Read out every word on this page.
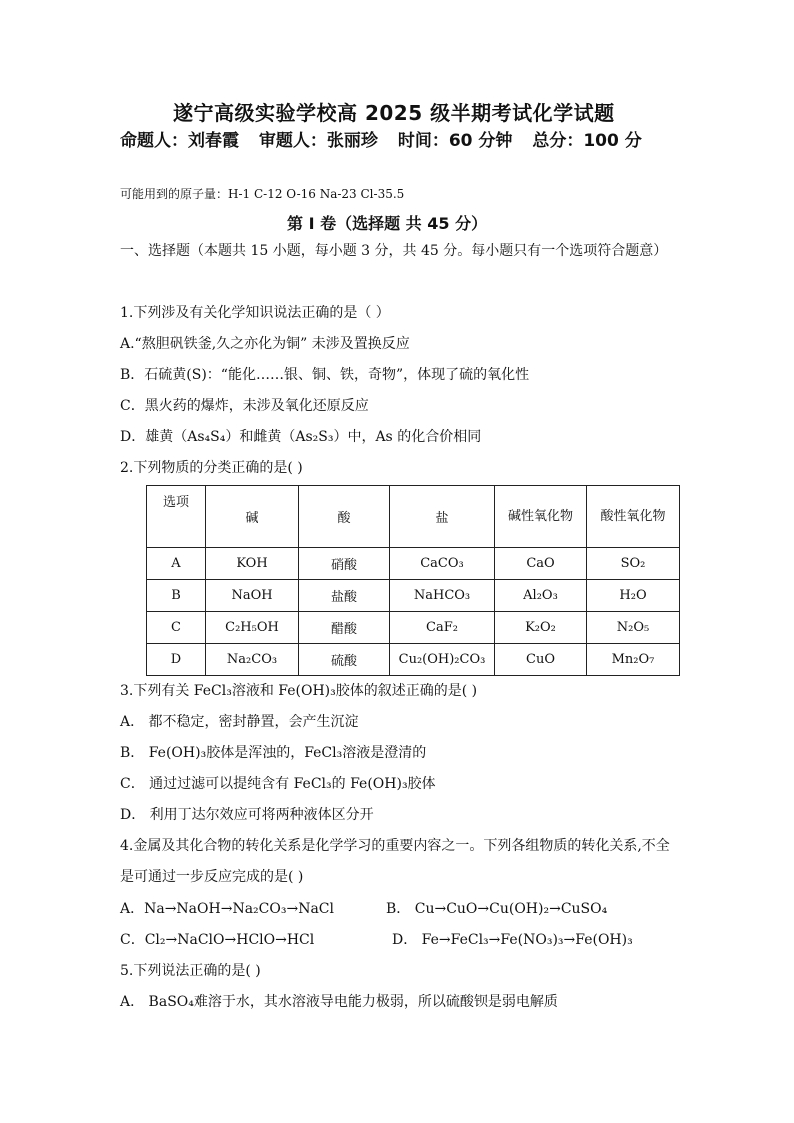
遂宁高级实验学校高 2025 级半期考试化学试题
命题人：刘春霞 审题人：张丽珍 时间：60 分钟 总分：100 分
可能用到的原子量：H-1 C-12 O-16 Na-23 Cl-35.5
第 I 卷（选择题 共 45 分）
一、选择题（本题共 15 小题，每小题 3 分，共 45 分。每小题只有一个选项符合题意）
1.下列涉及有关化学知识说法正确的是（ ）
A.“熬胆矾铁釜,久之亦化为铜” 未涉及置换反应
B．石硫黄(S)：“能化……银、铜、铁，奇物”，体现了硫的氧化性
C．黑火药的爆炸，未涉及氧化还原反应
D．雄黄（As₄S₄）和雌黄（As₂S₃）中，As 的化合价相同
2.下列物质的分类正确的是( )
选项	碱	酸	盐	碱性氧化物	酸性氧化物
A	KOH	硝酸	CaCO₃	CaO	SO₂
B	NaOH	盐酸	NaHCO₃	Al₂O₃	H₂O
C	C₂H₅OH	醋酸	CaF₂	K₂O₂	N₂O₅
D	Na₂CO₃	硫酸	Cu₂(OH)₂CO₃	CuO	Mn₂O₇
3.下列有关 FeCl₃溶液和 Fe(OH)₃胶体的叙述正确的是( )
A． 都不稳定，密封静置，会产生沉淀
B． Fe(OH)₃胶体是浑浊的，FeCl₃溶液是澄清的
C． 通过过滤可以提纯含有 FeCl₃的 Fe(OH)₃胶体
D． 利用丁达尔效应可将两种液体区分开
4.金属及其化合物的转化关系是化学学习的重要内容之一。下列各组物质的转化关系,不全是可通过一步反应完成的是( )
A．Na→NaOH→Na₂CO₃→NaCl	B． Cu→CuO→Cu(OH)₂→CuSO₄
C．Cl₂→NaClO→HClO→HCl	D． Fe→FeCl₃→Fe(NO₃)₃→Fe(OH)₃
5.下列说法正确的是( )
A． BaSO₄难溶于水，其水溶液导电能力极弱，所以硫酸钡是弱电解质
